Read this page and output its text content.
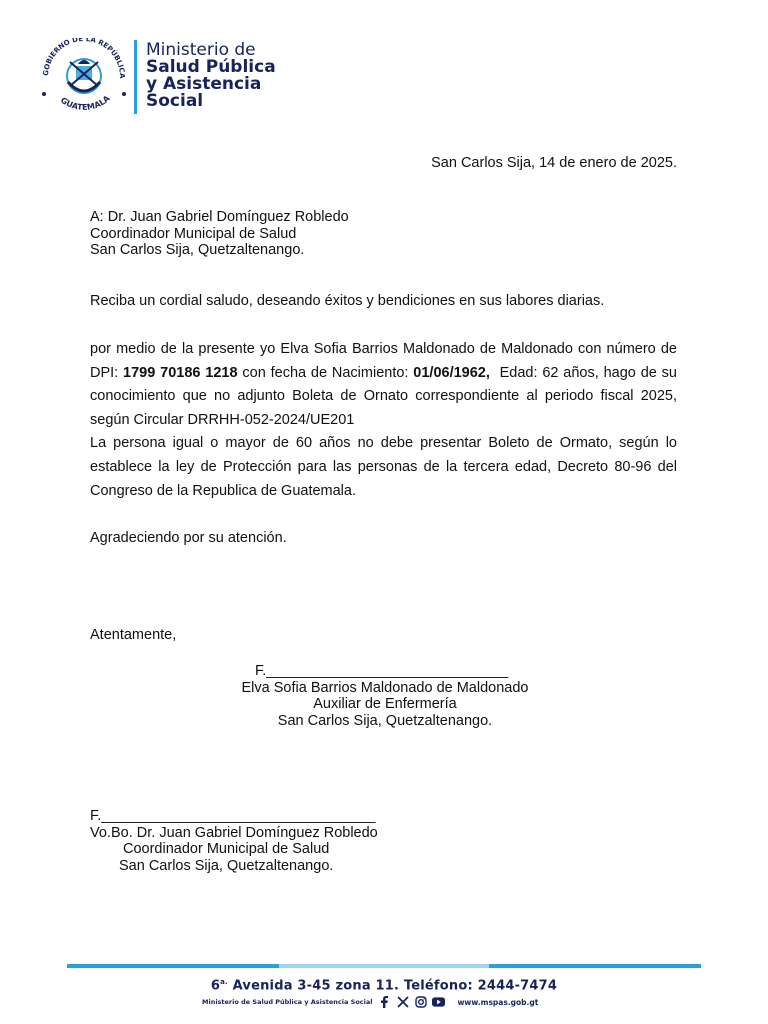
GOBIERNO DE LA REPÚBLICA
GUATEMALA
Ministerio de
Salud Pública
y Asistencia
Social
San Carlos Sija, 14 de enero de 2025.
A: Dr. Juan Gabriel Domínguez Robledo
Coordinador Municipal de Salud
San Carlos Sija, Quetzaltenango.
Reciba un cordial saludo, deseando éxitos y bendiciones en sus labores diarias.
por medio de la presente yo Elva Sofia Barrios Maldonado de Maldonado con número de DPI: 1799 70186 1218 con fecha de Nacimiento: 01/06/1962,  Edad: 62 años, hago de su conocimiento que no adjunto Boleta de Ornato correspondiente al periodo fiscal 2025, según Circular DRRHH-052-2024/UE201
La persona igual o mayor de 60 años no debe presentar Boleto de Ormato, según lo establece la ley de Protección para las personas de la tercera edad, Decreto 80-96 del Congreso de la Republica de Guatemala.
Agradeciendo por su atención.
Atentamente,
F.______________________________
Elva Sofia Barrios Maldonado de Maldonado
Auxiliar de Enfermería
San Carlos Sija, Quetzaltenango.
F.__________________________________
Vo.Bo. Dr. Juan Gabriel Domínguez Robledo
Coordinador Municipal de Salud
San Carlos Sija, Quetzaltenango.
$6^{a.}$ Avenida 3-45 zona 11. Teléfono: 2444-7474
Ministerio de Salud Pública y Asistencia Social	www.mspas.gob.gt
